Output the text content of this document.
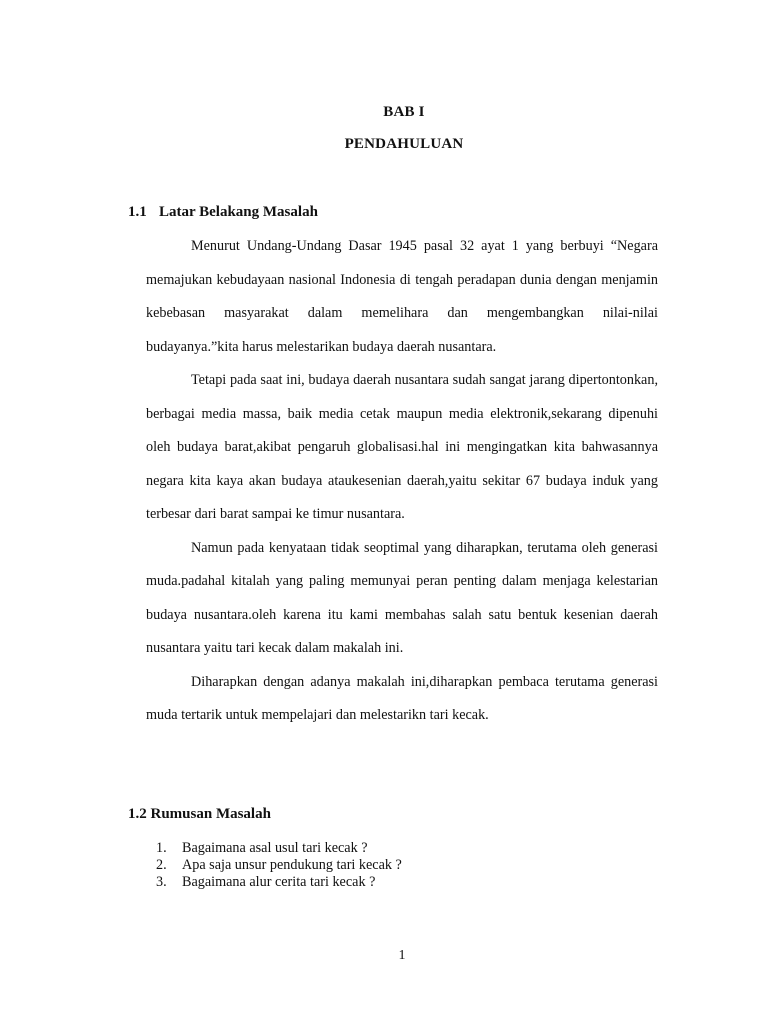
BAB I
PENDAHULUAN
1.1 Latar Belakang Masalah

Menurut Undang-Undang Dasar 1945 pasal 32 ayat 1 yang berbuyi “Negara memajukan kebudayaan nasional Indonesia di tengah peradapan dunia dengan menjamin kebebasan masyarakat dalam memelihara dan mengembangkan nilai-nilai budayanya.”kita harus melestarikan budaya daerah nusantara.

Tetapi pada saat ini, budaya daerah nusantara sudah sangat jarang dipertontonkan, berbagai media massa, baik media cetak maupun media elektronik,sekarang dipenuhi oleh budaya barat,akibat pengaruh globalisasi.hal ini mengingatkan kita bahwasannya negara kita kaya akan budaya ataukesenian daerah,yaitu sekitar 67 budaya induk yang terbesar dari barat sampai ke timur nusantara.

Namun pada kenyataan tidak seoptimal yang diharapkan, terutama oleh generasi muda.padahal kitalah yang paling memunyai peran penting dalam menjaga kelestarian budaya nusantara.oleh karena itu kami membahas salah satu bentuk kesenian daerah nusantara yaitu tari kecak dalam makalah ini.

Diharapkan dengan adanya makalah ini,diharapkan pembaca terutama generasi muda tertarik untuk mempelajari dan melestarikn tari kecak.

1.2 Rumusan Masalah
1.	Bagaimana asal usul tari kecak ?
2.	Apa saja unsur pendukung tari kecak ?
3.	Bagaimana alur cerita tari kecak ?
1
